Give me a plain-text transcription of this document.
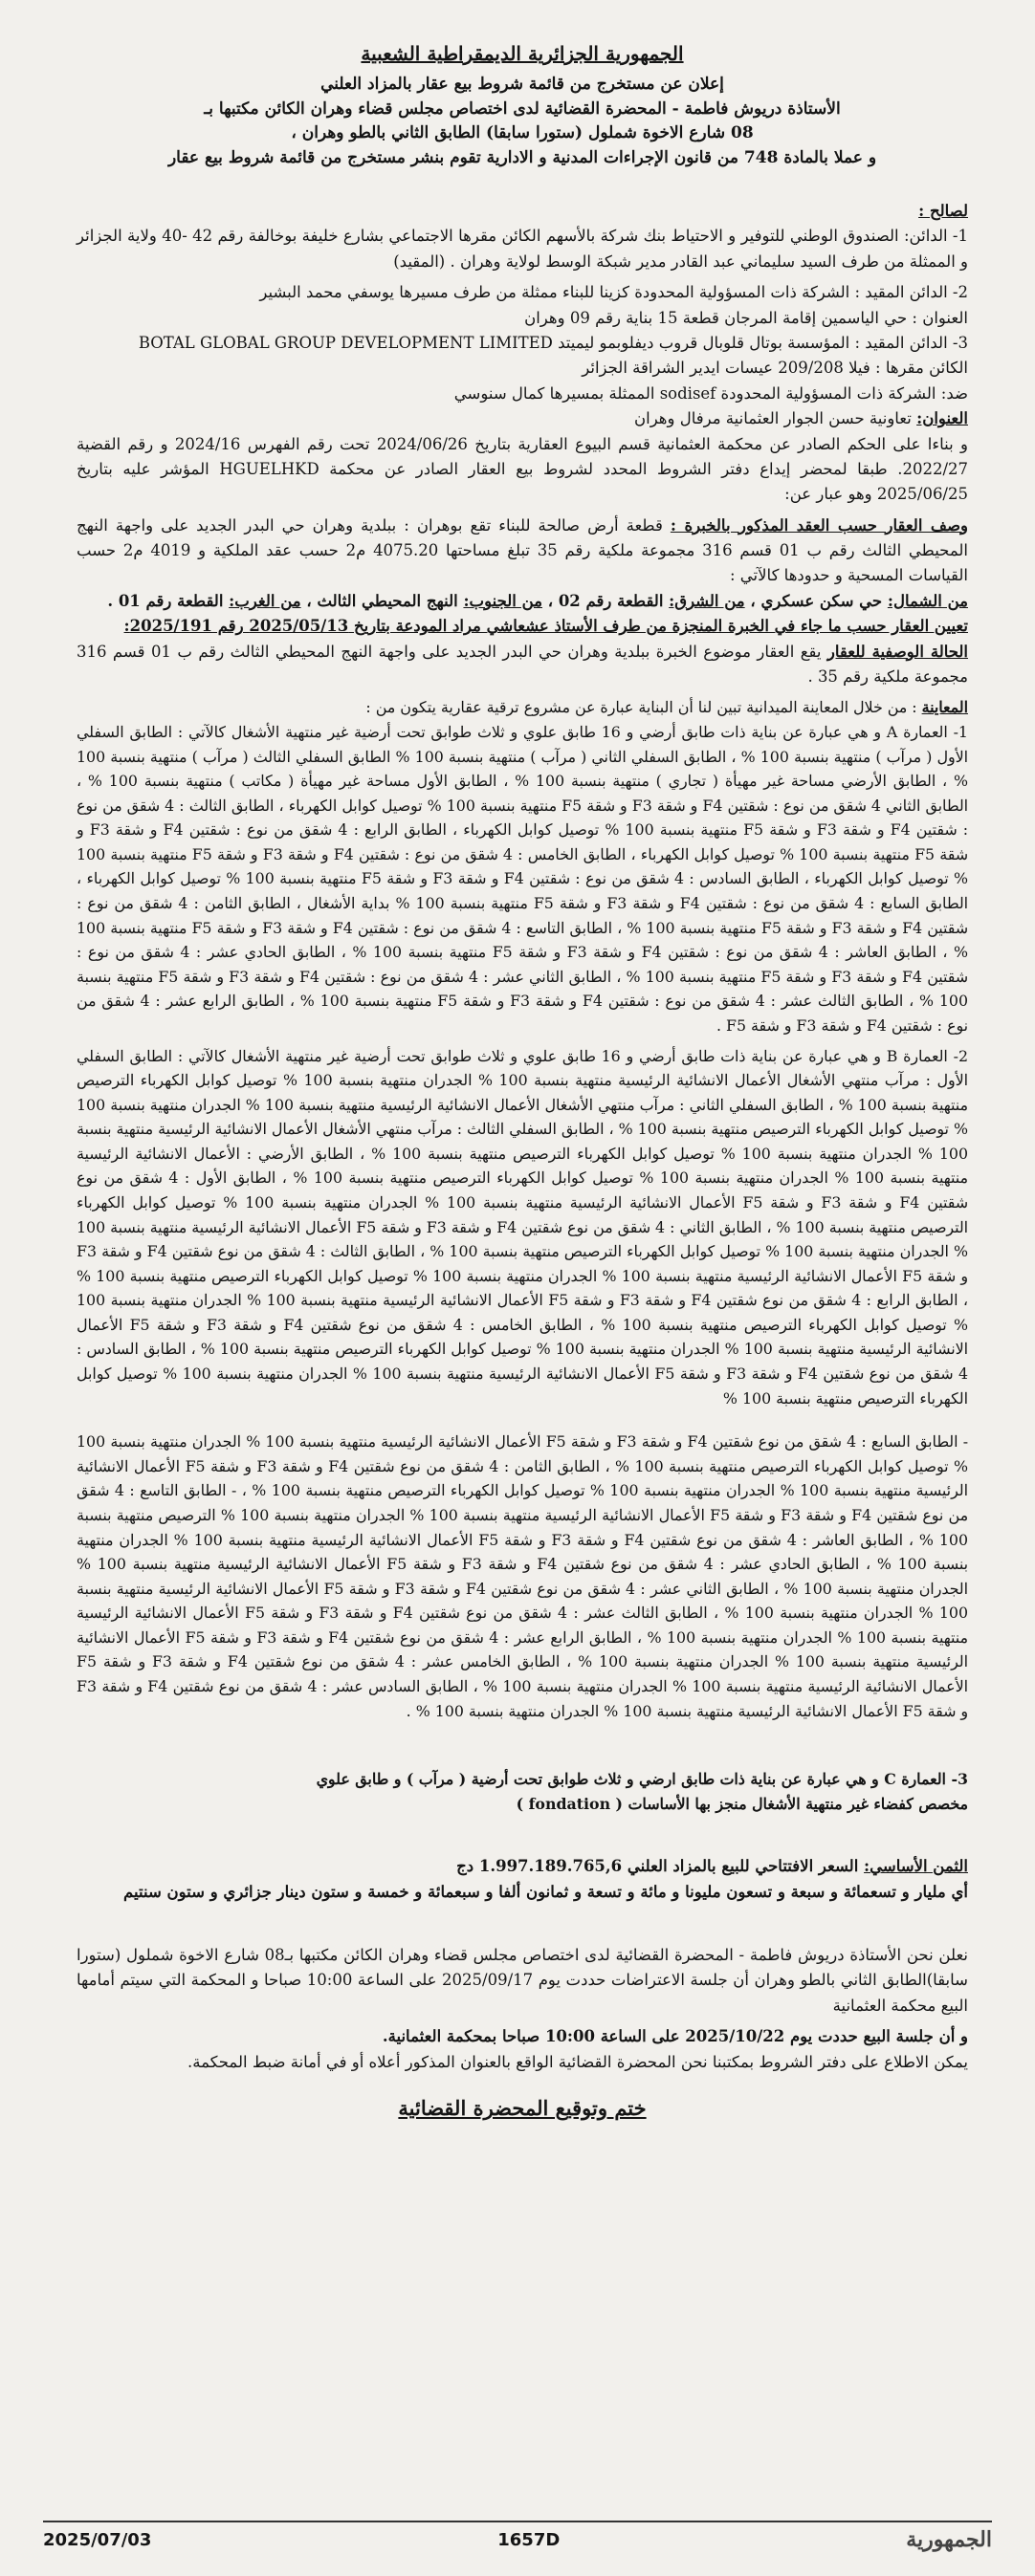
الجمهورية الجزائرية الديمقراطية الشعبية
إعلان عن مستخرج من قائمة شروط بيع عقار بالمزاد العلني
الأستاذة دريوش فاطمة - المحضرة القضائية لدى اختصاص مجلس قضاء وهران الكائن مكتبها بـ
08 شارع الاخوة شملول (ستورا سابقا) الطابق الثاني بالطو وهران ،
و عملا بالمادة 748 من قانون الإجراءات المدنية و الادارية تقوم بنشر مستخرج من قائمة شروط بيع عقار

لصالح :

1- الدائن: الصندوق الوطني للتوفير و الاحتياط بنك شركة بالأسهم الكائن مقرها الاجتماعي بشارع خليفة بوخالفة رقم 42 -40 ولاية الجزائر و الممثلة من طرف السيد سليماني عبد القادر مدير شبكة الوسط لولاية وهران . (المقيد)

2- الدائن المقيد : الشركة ذات المسؤولية المحدودة كزينا للبناء ممثلة من طرف مسيرها يوسفي محمد البشير

العنوان : حي الياسمين إقامة المرجان قطعة 15 بناية رقم 09 وهران

3- الدائن المقيد : المؤسسة بوتال قلوبال قروب ديفلوبمو ليميتد BOTAL GLOBAL GROUP DEVELOPMENT LIMITED

الكائن مقرها : فيلا 209/208 عيسات ايدير الشراقة الجزائر

ضد: الشركة ذات المسؤولية المحدودة sodisef الممثلة بمسيرها كمال سنوسي

العنوان: تعاونية حسن الجوار العثمانية مرفال وهران

و بناءا على الحكم الصادر عن محكمة العثمانية قسم البيوع العقارية بتاريخ 2024/06/26 تحت رقم الفهرس 2024/16 و رقم القضية 2022/27. طبقا لمحضر إيداع دفتر الشروط المحدد لشروط بيع العقار الصادر عن محكمة HGUELHKD المؤشر عليه بتاريخ 2025/06/25 وهو عبار عن:

وصف العقار حسب العقد المذكور بالخبرة : قطعة أرض صالحة للبناء تقع بوهران : ببلدية وهران حي البدر الجديد على واجهة النهج المحيطي الثالث رقم ب 01 قسم 316 مجموعة ملكية رقم 35 تبلغ مساحتها 4075.20 م2 حسب عقد الملكية و 4019 م2 حسب القياسات المسحية و حدودها كالآتي :

من الشمال: حي سكن عسكري ، من الشرق: القطعة رقم 02 ، من الجنوب: النهج المحيطي الثالث ، من الغرب: القطعة رقم 01 .

تعيين العقار حسب ما جاء في الخبرة المنجزة من طرف الأستاذ عشعاشي مراد المودعة بتاريخ 2025/05/13 رقم 2025/191:

الحالة الوصفية للعقار يقع العقار موضوع الخبرة ببلدية وهران حي البدر الجديد على واجهة النهج المحيطي الثالث رقم ب 01 قسم 316 مجموعة ملكية رقم 35 .

المعاينة : من خلال المعاينة الميدانية تبين لنا أن البناية عبارة عن مشروع ترقية عقارية يتكون من :

1- العمارة A و هي عبارة عن بناية ذات طابق أرضي و 16 طابق علوي و ثلاث طوابق تحت أرضية غير منتهية الأشغال كالآتي : الطابق السفلي الأول ( مرآب ) منتهية بنسبة 100 % ، الطابق السفلي الثاني ( مرآب ) منتهية بنسبة 100 % الطابق السفلي الثالث ( مرآب ) منتهية بنسبة 100 % ، الطابق الأرضي مساحة غير مهيأة ( تجاري ) منتهية بنسبة 100 % ، الطابق الأول مساحة غير مهيأة ( مكاتب ) منتهية بنسبة 100 % ، الطابق الثاني 4 شقق من نوع : شقتين F4 و شقة F3 و شقة F5 منتهية بنسبة 100 % توصيل كوابل الكهرباء ، الطابق الثالث : 4 شقق من نوع : شقتين F4 و شقة F3 و شقة F5 منتهية بنسبة 100 % توصيل كوابل الكهرباء ، الطابق الرابع : 4 شقق من نوع : شقتين F4 و شقة F3 و شقة F5 منتهية بنسبة 100 % توصيل كوابل الكهرباء ، الطابق الخامس : 4 شقق من نوع : شقتين F4 و شقة F3 و شقة F5 منتهية بنسبة 100 % توصيل كوابل الكهرباء ، الطابق السادس : 4 شقق من نوع : شقتين F4 و شقة F3 و شقة F5 منتهية بنسبة 100 % توصيل كوابل الكهرباء ، الطابق السابع : 4 شقق من نوع : شقتين F4 و شقة F3 و شقة F5 منتهية بنسبة 100 % بداية الأشغال ، الطابق الثامن : 4 شقق من نوع : شقتين F4 و شقة F3 و شقة F5 منتهية بنسبة 100 % ، الطابق التاسع : 4 شقق من نوع : شقتين F4 و شقة F3 و شقة F5 منتهية بنسبة 100 % ، الطابق العاشر : 4 شقق من نوع : شقتين F4 و شقة F3 و شقة F5 منتهية بنسبة 100 % ، الطابق الحادي عشر : 4 شقق من نوع : شقتين F4 و شقة F3 و شقة F5 منتهية بنسبة 100 % ، الطابق الثاني عشر : 4 شقق من نوع : شقتين F4 و شقة F3 و شقة F5 منتهية بنسبة 100 % ، الطابق الثالث عشر : 4 شقق من نوع : شقتين F4 و شقة F3 و شقة F5 منتهية بنسبة 100 % ، الطابق الرابع عشر : 4 شقق من نوع : شقتين F4 و شقة F3 و شقة F5 .

2- العمارة B و هي عبارة عن بناية ذات طابق أرضي و 16 طابق علوي و ثلاث طوابق تحت أرضية غير منتهية الأشغال كالآتي : الطابق السفلي الأول : مرآب منتهي الأشغال الأعمال الانشائية الرئيسية منتهية بنسبة 100 % الجدران منتهية بنسبة 100 % توصيل كوابل الكهرباء الترصيص منتهية بنسبة 100 % ، الطابق السفلي الثاني : مرآب منتهي الأشغال الأعمال الانشائية الرئيسية منتهية بنسبة 100 % الجدران منتهية بنسبة 100 % توصيل كوابل الكهرباء الترصيص منتهية بنسبة 100 % ، الطابق السفلي الثالث : مرآب منتهي الأشغال الأعمال الانشائية الرئيسية منتهية بنسبة 100 % الجدران منتهية بنسبة 100 % توصيل كوابل الكهرباء الترصيص منتهية بنسبة 100 % ، الطابق الأرضي : الأعمال الانشائية الرئيسية منتهية بنسبة 100 % الجدران منتهية بنسبة 100 % توصيل كوابل الكهرباء الترصيص منتهية بنسبة 100 % ، الطابق الأول : 4 شقق من نوع شقتين F4 و شقة F3 و شقة F5 الأعمال الانشائية الرئيسية منتهية بنسبة 100 % الجدران منتهية بنسبة 100 % توصيل كوابل الكهرباء الترصيص منتهية بنسبة 100 % ، الطابق الثاني : 4 شقق من نوع شقتين F4 و شقة F3 و شقة F5 الأعمال الانشائية الرئيسية منتهية بنسبة 100 % الجدران منتهية بنسبة 100 % توصيل كوابل الكهرباء الترصيص منتهية بنسبة 100 % ، الطابق الثالث : 4 شقق من نوع شقتين F4 و شقة F3 و شقة F5 الأعمال الانشائية الرئيسية منتهية بنسبة 100 % الجدران منتهية بنسبة 100 % توصيل كوابل الكهرباء الترصيص منتهية بنسبة 100 % ، الطابق الرابع : 4 شقق من نوع شقتين F4 و شقة F3 و شقة F5 الأعمال الانشائية الرئيسية منتهية بنسبة 100 % الجدران منتهية بنسبة 100 % توصيل كوابل الكهرباء الترصيص منتهية بنسبة 100 % ، الطابق الخامس : 4 شقق من نوع شقتين F4 و شقة F3 و شقة F5 الأعمال الانشائية الرئيسية منتهية بنسبة 100 % الجدران منتهية بنسبة 100 % توصيل كوابل الكهرباء الترصيص منتهية بنسبة 100 % ، الطابق السادس : 4 شقق من نوع شقتين F4 و شقة F3 و شقة F5 الأعمال الانشائية الرئيسية منتهية بنسبة 100 % الجدران منتهية بنسبة 100 % توصيل كوابل الكهرباء الترصيص منتهية بنسبة 100 %

- الطابق السابع : 4 شقق من نوع شقتين F4 و شقة F3 و شقة F5 الأعمال الانشائية الرئيسية منتهية بنسبة 100 % الجدران منتهية بنسبة 100 % توصيل كوابل الكهرباء الترصيص منتهية بنسبة 100 % ، الطابق الثامن : 4 شقق من نوع شقتين F4 و شقة F3 و شقة F5 الأعمال الانشائية الرئيسية منتهية بنسبة 100 % الجدران منتهية بنسبة 100 % توصيل كوابل الكهرباء الترصيص منتهية بنسبة 100 % ، - الطابق التاسع : 4 شقق من نوع شقتين F4 و شقة F3 و شقة F5 الأعمال الانشائية الرئيسية منتهية بنسبة 100 % الجدران منتهية بنسبة 100 % الترصيص منتهية بنسبة 100 % ، الطابق العاشر : 4 شقق من نوع شقتين F4 و شقة F3 و شقة F5 الأعمال الانشائية الرئيسية منتهية بنسبة 100 % الجدران منتهية بنسبة 100 % ، الطابق الحادي عشر : 4 شقق من نوع شقتين F4 و شقة F3 و شقة F5 الأعمال الانشائية الرئيسية منتهية بنسبة 100 % الجدران منتهية بنسبة 100 % ، الطابق الثاني عشر : 4 شقق من نوع شقتين F4 و شقة F3 و شقة F5 الأعمال الانشائية الرئيسية منتهية بنسبة 100 % الجدران منتهية بنسبة 100 % ، الطابق الثالث عشر : 4 شقق من نوع شقتين F4 و شقة F3 و شقة F5 الأعمال الانشائية الرئيسية منتهية بنسبة 100 % الجدران منتهية بنسبة 100 % ، الطابق الرابع عشر : 4 شقق من نوع شقتين F4 و شقة F3 و شقة F5 الأعمال الانشائية الرئيسية منتهية بنسبة 100 % الجدران منتهية بنسبة 100 % ، الطابق الخامس عشر : 4 شقق من نوع شقتين F4 و شقة F3 و شقة F5 الأعمال الانشائية الرئيسية منتهية بنسبة 100 % الجدران منتهية بنسبة 100 % ، الطابق السادس عشر : 4 شقق من نوع شقتين F4 و شقة F3 و شقة F5 الأعمال الانشائية الرئيسية منتهية بنسبة 100 % الجدران منتهية بنسبة 100 % .

3- العمارة C و هي عبارة عن بناية ذات طابق ارضي و ثلاث طوابق تحت أرضية ( مرآب ) و طابق علوي

مخصص كفضاء غير منتهية الأشغال منجز بها الأساسات ( fondation )

الثمن الأساسي: السعر الافتتاحي للبيع بالمزاد العلني 1.997.189.765,6 دج

أي مليار و تسعمائة و سبعة و تسعون مليونا و مائة و تسعة و ثمانون ألفا و سبعمائة و خمسة و ستون دينار جزائري و ستون سنتيم

نعلن نحن الأستاذة دريوش فاطمة - المحضرة القضائية لدى اختصاص مجلس قضاء وهران الكائن مكتبها بـ08 شارع الاخوة شملول (ستورا سابقا)الطابق الثاني بالطو وهران أن جلسة الاعتراضات حددت يوم 2025/09/17 على الساعة 10:00 صباحا و المحكمة التي سيتم أمامها البيع محكمة العثمانية

و أن جلسة البيع حددت يوم 2025/10/22 على الساعة 10:00 صباحا بمحكمة العثمانية.

يمكن الاطلاع على دفتر الشروط بمكتبنا نحن المحضرة القضائية الواقع بالعنوان المذكور أعلاه أو في أمانة ضبط المحكمة.

ختم وتوقيع المحضرة القضائية
الجمهورية
1657D
2025/07/03
